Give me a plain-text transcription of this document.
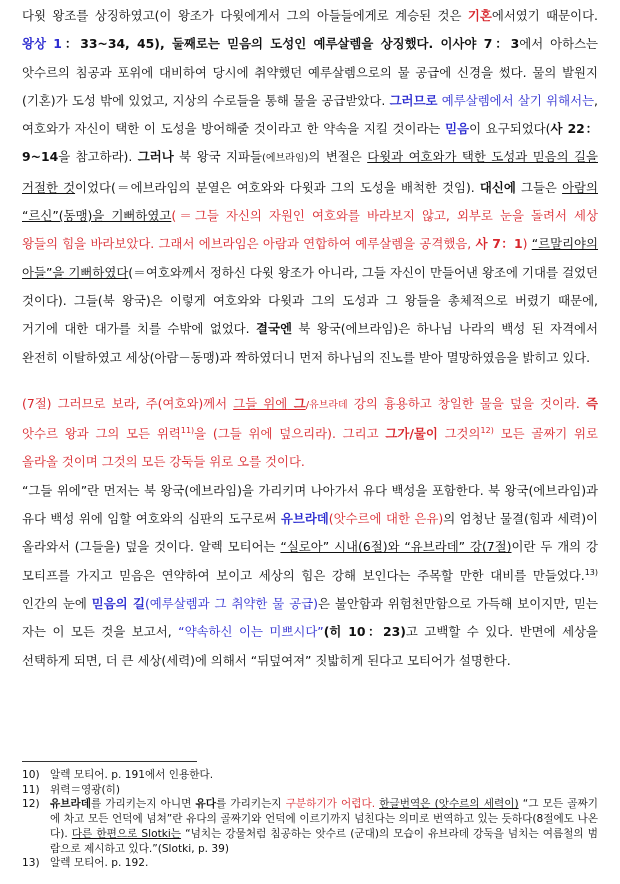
다윗 왕조를 상징하였고(이 왕조가 다윗에게서 그의 아들들에게로 계승된 것은 기혼에서였기 때문이다. 왕상 1：33~34, 45), 둘째로는 믿음의 도성인 예루살렘을 상징했다. 이사야 7：3에서 아하스는 앗수르의 침공과 포위에 대비하여 당시에 취약했던 예루살렘으로의 물 공급에 신경을 썼다. 물의 발원지(기혼)가 도성 밖에 있었고, 지상의 수로들을 통해 물을 공급받았다. 그러므로 예루살렘에서 살기 위해서는, 여호와가 자신이 택한 이 도성을 방어해줄 것이라고 한 약속을 지킬 것이라는 믿음이 요구되었다(사 22：9~14을 참고하라). 그러나 북 왕국 지파들(에브라임)의 변절은 다윗과 여호와가 택한 도성과 믿음의 길을 거절한 것이었다(＝에브라임의 분열은 여호와와 다윗과 그의 도성을 배척한 것임). 대신에 그들은 아람의 “르신”(동맹)을 기뻐하였고(＝그들 자신의 자원인 여호와를 바라보지 않고, 외부로 눈을 돌려서 세상 왕들의 힘을 바라보았다. 그래서 에브라임은 아람과 연합하여 예루살렘을 공격했음, 사 7：1) “르말리야의 아들”을 기뻐하였다(＝여호와께서 정하신 다윗 왕조가 아니라, 그들 자신이 만들어낸 왕조에 기대를 걸었던 것이다). 그들(북 왕국)은 이렇게 여호와와 다윗과 그의 도성과 그 왕들을 총체적으로 버렸기 때문에, 거기에 대한 대가를 치를 수밖에 없었다. 결국엔 북 왕국(에브라임)은 하나님 나라의 백성 된 자격에서 완전히 이탈하였고 세상(아람－동맹)과 짝하였더니 먼저 하나님의 진노를 받아 멸망하였음을 밝히고 있다.

(7절) 그러므로 보라, 주(여호와)께서 그들 위에 그/유브라데 강의 흉용하고 창일한 물을 덮을 것이라. 즉 앗수르 왕과 그의 모든 위력$^{11)}$을 (그들 위에 덮으리라). 그리고 그가/물이 그것의$^{12)}$ 모든 골짜기 위로 올라올 것이며 그것의 모든 강둑들 위로 오를 것이다.

“그들 위에”란 먼저는 북 왕국(에브라임)을 가리키며 나아가서 유다 백성을 포함한다. 북 왕국(에브라임)과 유다 백성 위에 임할 여호와의 심판의 도구로써 유브라데(앗수르에 대한 은유)의 엄청난 물결(힘과 세력)이 올라와서 (그들을) 덮을 것이다. 알렉 모티어는 “실로아” 시내(6절)와 “유브라데” 강(7절)이란 두 개의 강 모티프를 가지고 믿음은 연약하여 보이고 세상의 힘은 강해 보인다는 주목할 만한 대비를 만들었다.$^{13)}$ 인간의 눈에 믿음의 길(예루살렘과 그 취약한 물 공급)은 불안함과 위험천만함으로 가득해 보이지만, 믿는 자는 이 모든 것을 보고서, “약속하신 이는 미쁘시다”(히 10：23)고 고백할 수 있다. 반면에 세상을 선택하게 되면, 더 큰 세상(세력)에 의해서 “뒤덮여져” 짓밟히게 된다고 모티어가 설명한다.

10) 알렉 모티어. p. 191에서 인용한다.

11) 위력＝영광(히)

12) 유브라데를 가리키는지 아니면 유다를 가리키는지 구분하기가 어렵다. 한글번역은 (앗수르의 세력이) “그 모든 골짜기에 차고 모든 언덕에 넘쳐”란 유다의 골짜기와 언덕에 이르기까지 넘친다는 의미로 번역하고 있는 듯하다(8절에도 나온다). 다른 한편으로 Slotki는 “넘치는 강물처럼 침공하는 앗수르 (군대)의 모습이 유브라데 강둑을 넘치는 여름철의 범람으로 제시하고 있다.”(Slotki, p. 39)

13) 알렉 모티어. p. 192.
